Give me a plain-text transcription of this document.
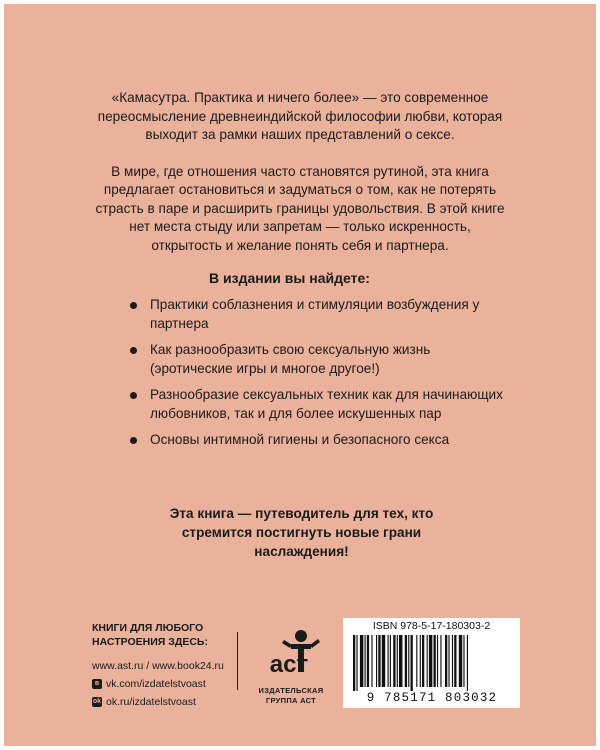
«Камасутра. Практика и ничего более» — это современное переосмысление древнеиндийской философии любви, которая выходит за рамки наших представлений о сексе.

В мире, где отношения часто становятся рутиной, эта книга предлагает остановиться и задуматься о том, как не потерять страсть в паре и расширить границы удовольствия. В этой книге нет места стыду или запретам — только искренность, открытость и желание понять себя и партнера.

В издании вы найдете:
Практики соблазнения и стимуляции возбуждения у партнера
Как разнообразить свою сексуальную жизнь (эротические игры и многое другое!)
Разнообразие сексуальных техник как для начинающих любовников, так и для более искушенных пар
Основы интимной гигиены и безопасного секса
Эта книга — путеводитель для тех, кто стремится постигнуть новые грани наслаждения!
КНИГИ ДЛЯ ЛЮБОГО НАСТРОЕНИЯ ЗДЕСЬ:
www.ast.ru / www.book24.ru
в vk.com/izdatelstvoast
ok ok.ru/izdatelstvoast
аст
ИЗДАТЕЛЬСКАЯ ГРУППА АСТ
ISBN 978-5-17-180303-2
9 785171 803032
